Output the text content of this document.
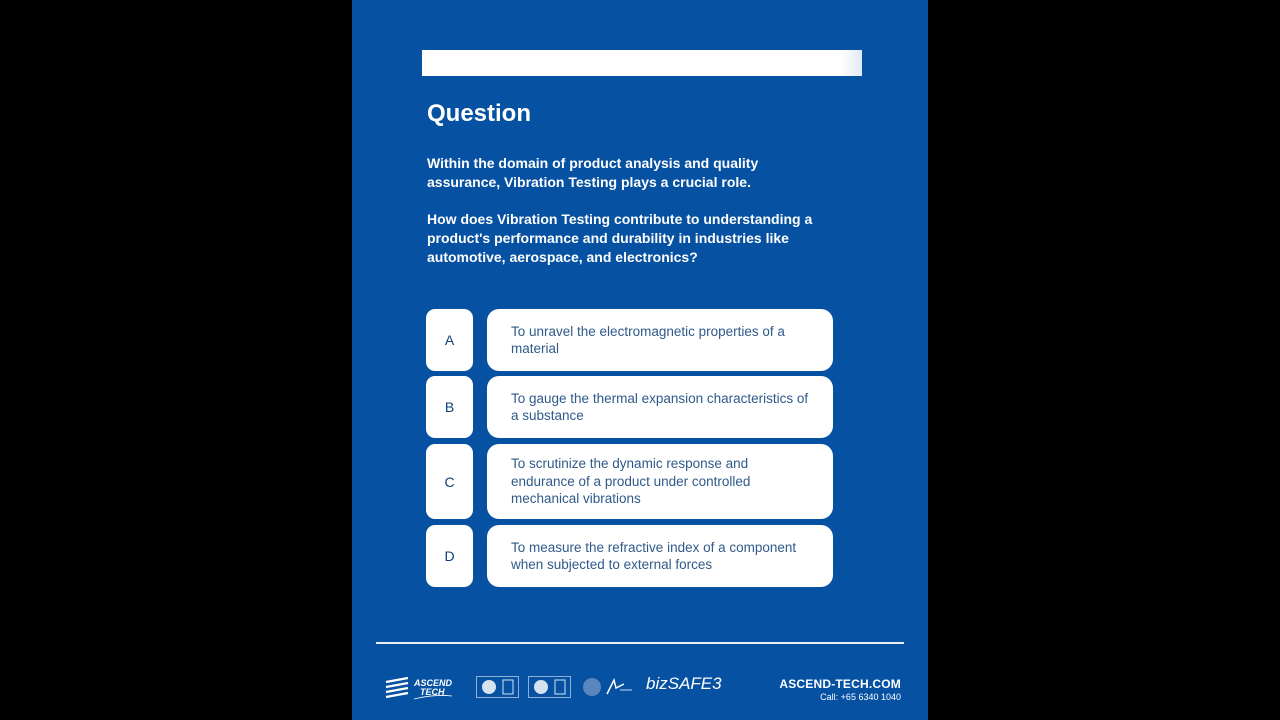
Question
Within the domain of product analysis and quality assurance, Vibration Testing plays a crucial role.
How does Vibration Testing contribute to understanding a product's performance and durability in industries like automotive, aerospace, and electronics?
A
To unravel the electromagnetic properties of a material
B
To gauge the thermal expansion characteristics of a substance
C
To scrutinize the dynamic response and endurance of a product under controlled mechanical vibrations
D
To measure the refractive index of a component when subjected to external forces
ASCEND
TECH	bizSAFE3	ASCEND-TECH.COM
Call: +65 6340 1040
